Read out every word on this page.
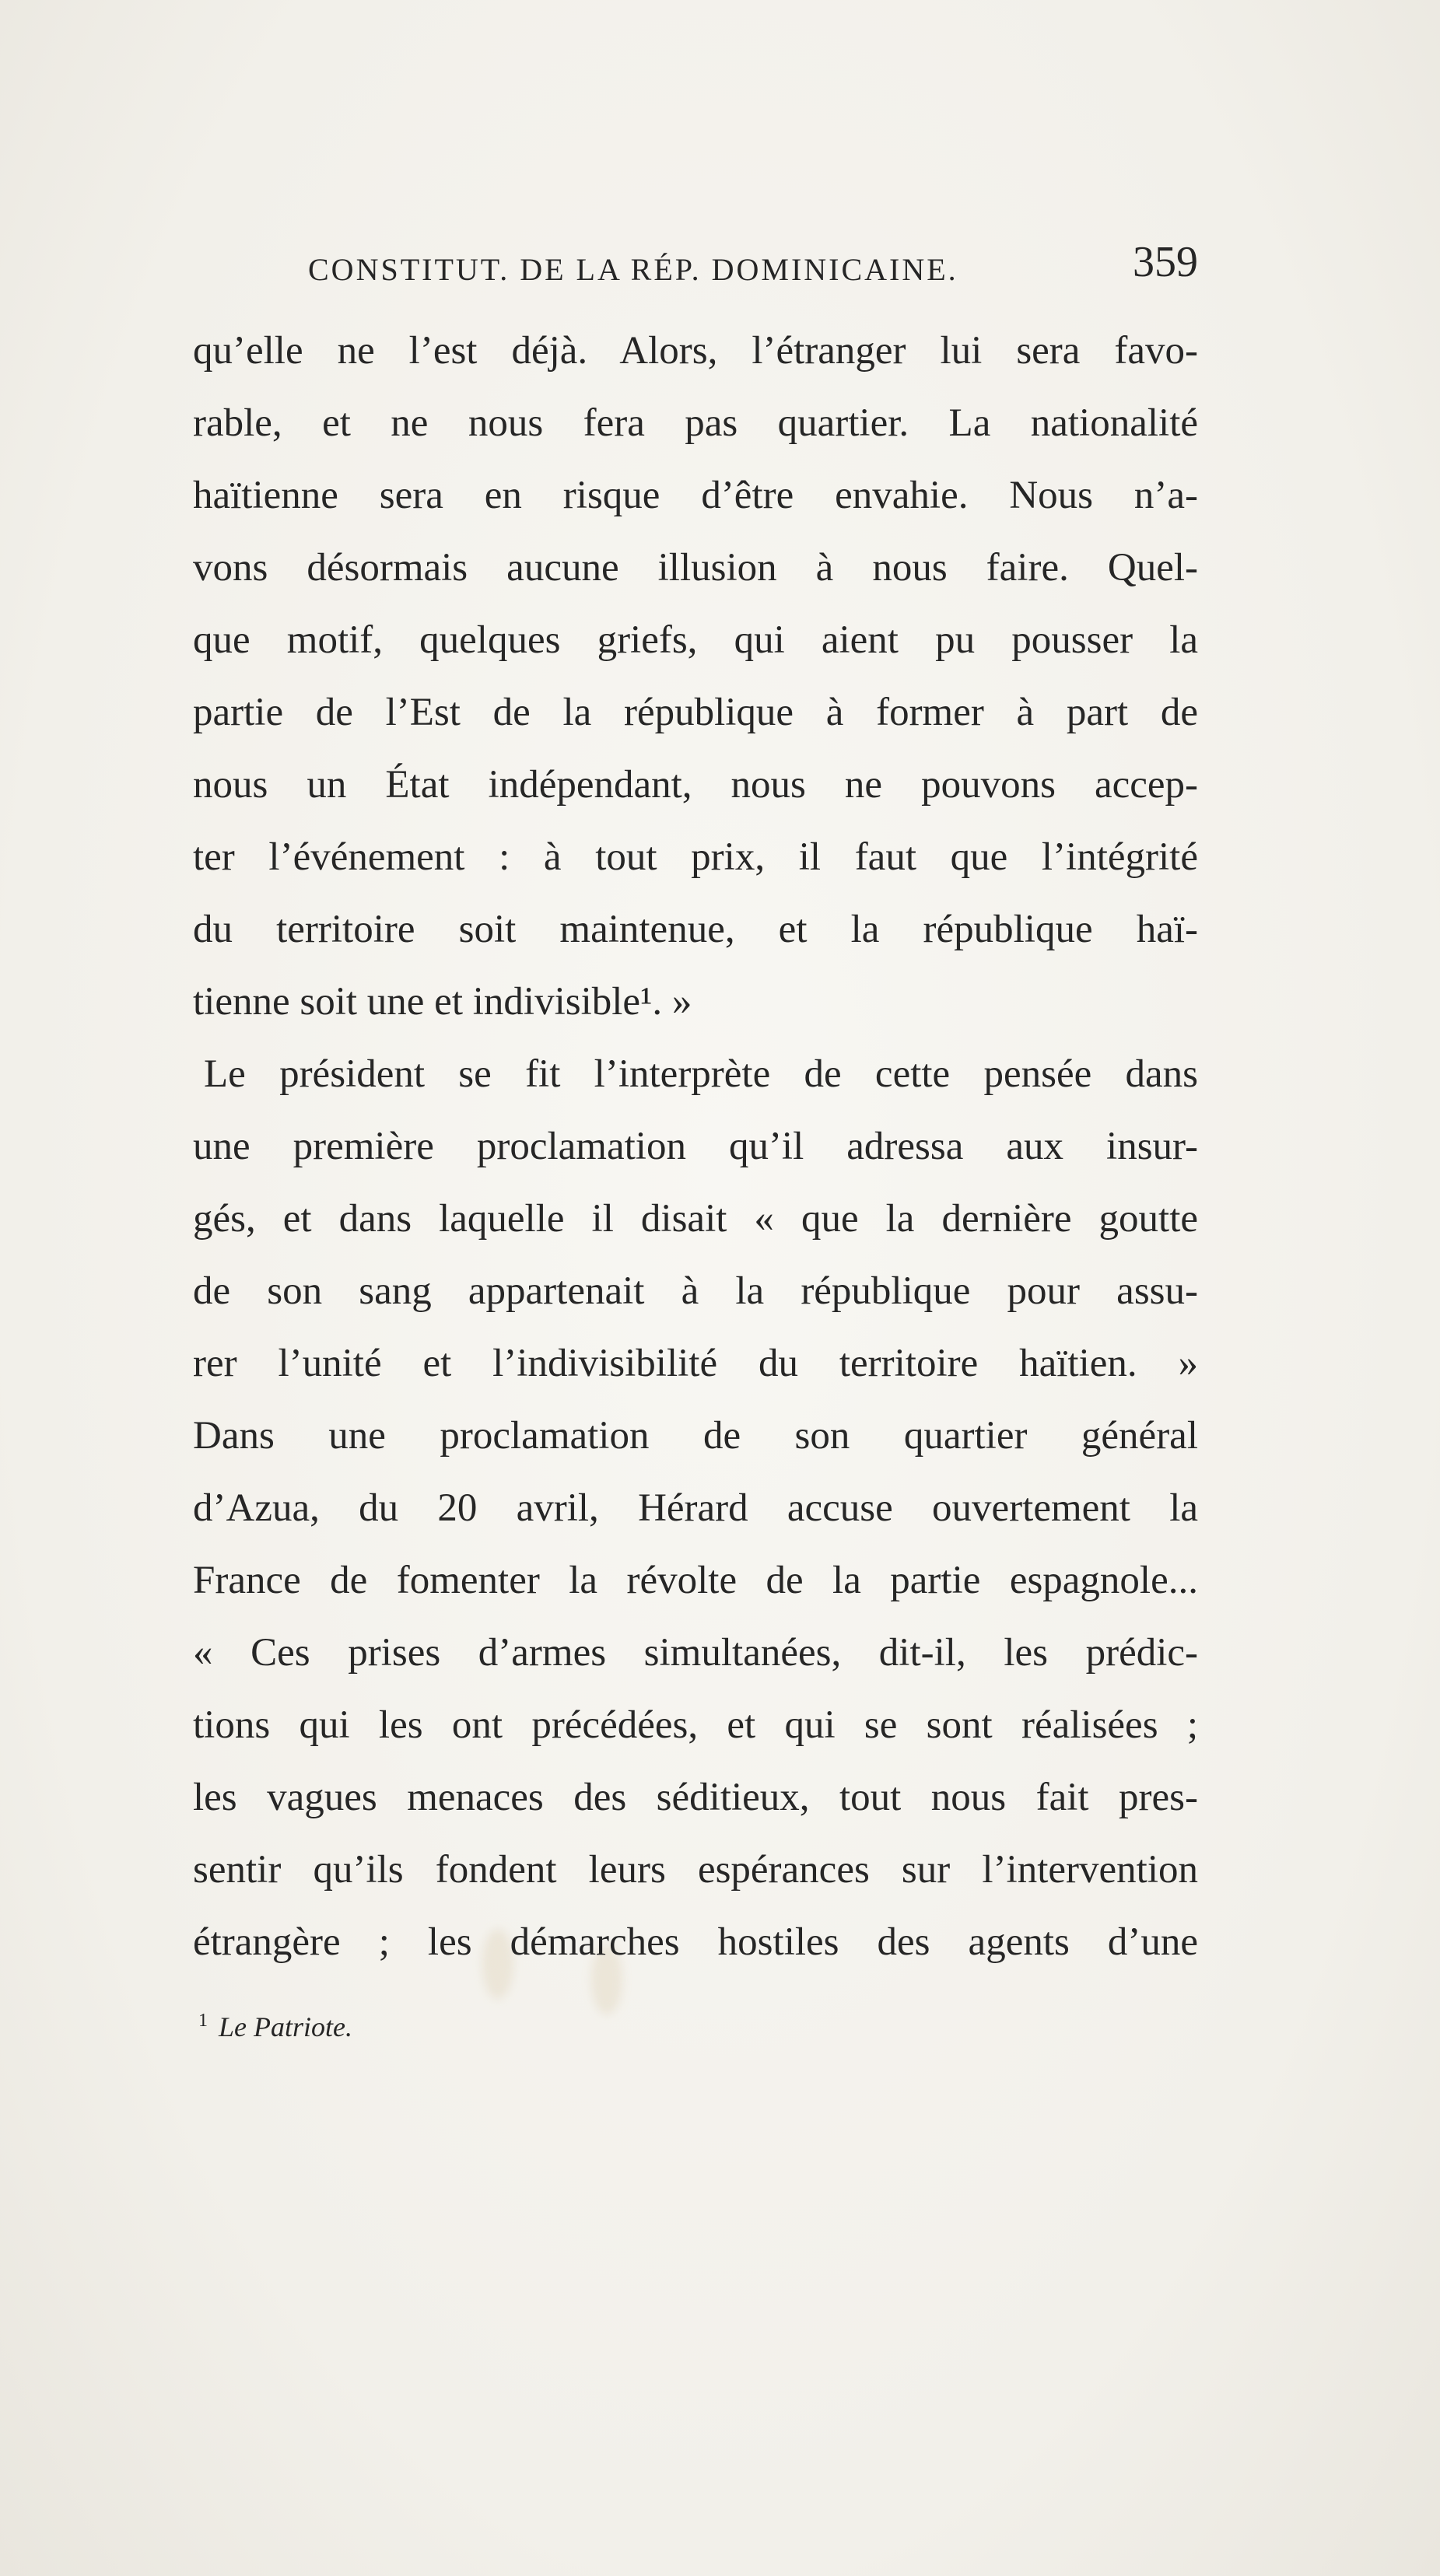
CONSTITUT. DE LA RÉP. DOMINICAINE.	359
qu’elle ne l’est déjà. Alors, l’étranger lui sera favo-
rable, et ne nous fera pas quartier. La nationalité
haïtienne sera en risque d’être envahie. Nous n’a-
vons désormais aucune illusion à nous faire. Quel-
que motif, quelques griefs, qui aient pu pousser la
partie de l’Est de la république à former à part de
nous un État indépendant, nous ne pouvons accep-
ter l’événement : à tout prix, il faut que l’intégrité
du territoire soit maintenue, et la république haï-
tienne soit une et indivisible¹. »
Le président se fit l’interprète de cette pensée dans
une première proclamation qu’il adressa aux insur-
gés, et dans laquelle il disait « que la dernière goutte
de son sang appartenait à la république pour assu-
rer l’unité et l’indivisibilité du territoire haïtien. »
Dans une proclamation de son quartier général
d’Azua, du 20 avril, Hérard accuse ouvertement la
France de fomenter la révolte de la partie espagnole...
« Ces prises d’armes simultanées, dit-il, les prédic-
tions qui les ont précédées, et qui se sont réalisées ;
les vagues menaces des séditieux, tout nous fait pres-
sentir qu’ils fondent leurs espérances sur l’intervention
étrangère ; les démarches hostiles des agents d’une
$^1$ Le Patriote.
